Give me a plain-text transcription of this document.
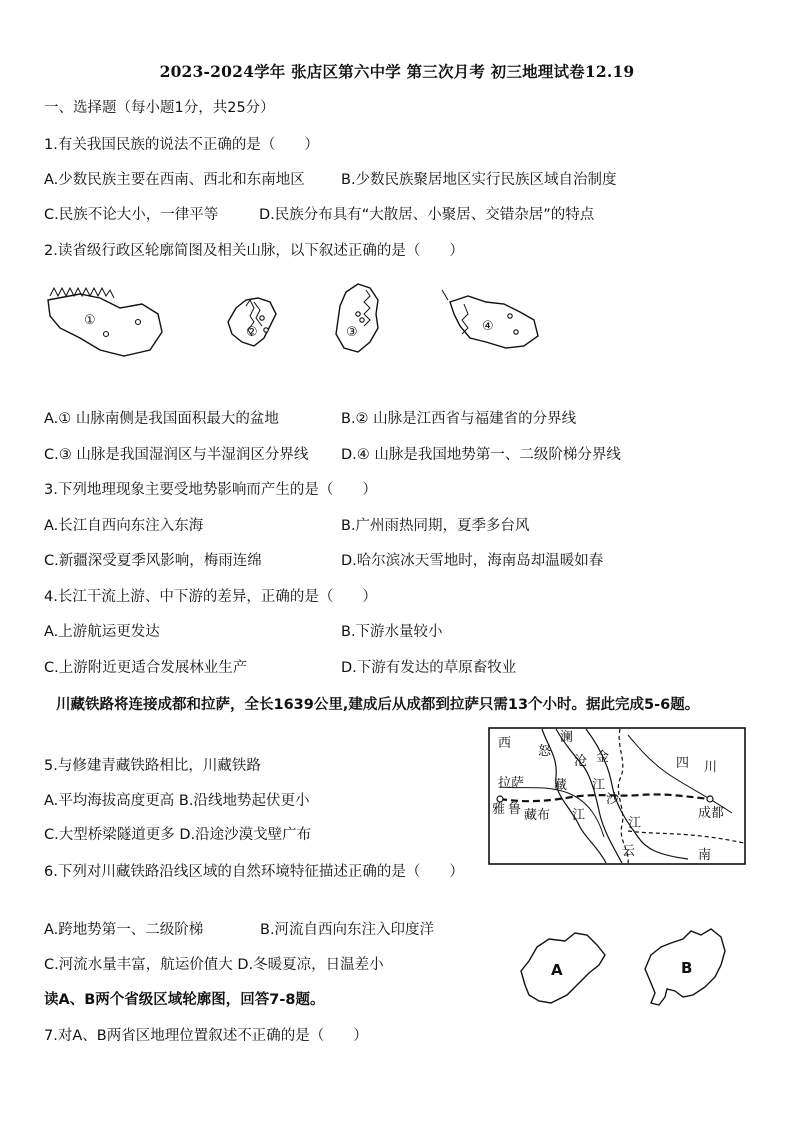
2023-2024学年 张店区第六中学 第三次月考 初三地理试卷12.19
一、选择题（每小题1分，共25分）
1.有关我国民族的说法不正确的是（　　）
A.少数民族主要在西南、西北和东南地区 B.少数民族聚居地区实行民族区域自治制度
C.民族不论大小，一律平等	D.民族分布具有“大散居、小聚居、交错杂居”的特点
2.读省级行政区轮廓简图及相关山脉，以下叙述正确的是（　　）
①
②	③	④
A.① 山脉南侧是我国面积最大的盆地	B.② 山脉是江西省与福建省的分界线
C.③ 山脉是我国湿润区与半湿润区分界线 D.④ 山脉是我国地势第一、二级阶梯分界线
3.下列地理现象主要受地势影响而产生的是（　　）
A.长江自西向东注入东海	B.广州雨热同期，夏季多台风
C.新疆深受夏季风影响，梅雨连绵	D.哈尔滨冰天雪地时，海南岛却温暖如春
4.长江干流上游、中下游的差异，正确的是（　　）
A.上游航运更发达	B.下游水量较小
C.上游附近更适合发展林业生产	D.下游有发达的草原畜牧业
川藏铁路将连接成都和拉萨，全长1639公里,建成后从成都到拉萨只需13个小时。据此完成5-6题。
西
怒
澜
沧 金	四 川
拉萨 藏 江
沙
雅 鲁 藏布 江
江
成都
云	南
5.与修建青藏铁路相比，川藏铁路
A.平均海拔高度更高 B.沿线地势起伏更小
C.大型桥梁隧道更多 D.沿途沙漠戈壁广布
6.下列对川藏铁路沿线区域的自然环境特征描述正确的是（　　）
A.跨地势第一、二级阶梯	B.河流自西向东注入印度洋
C.河流水量丰富，航运价值大 D.冬暖夏凉，日温差小	A	B
读A、B两个省级区域轮廓图，回答7-8题。
7.对A、B两省区地理位置叙述不正确的是（　　）
